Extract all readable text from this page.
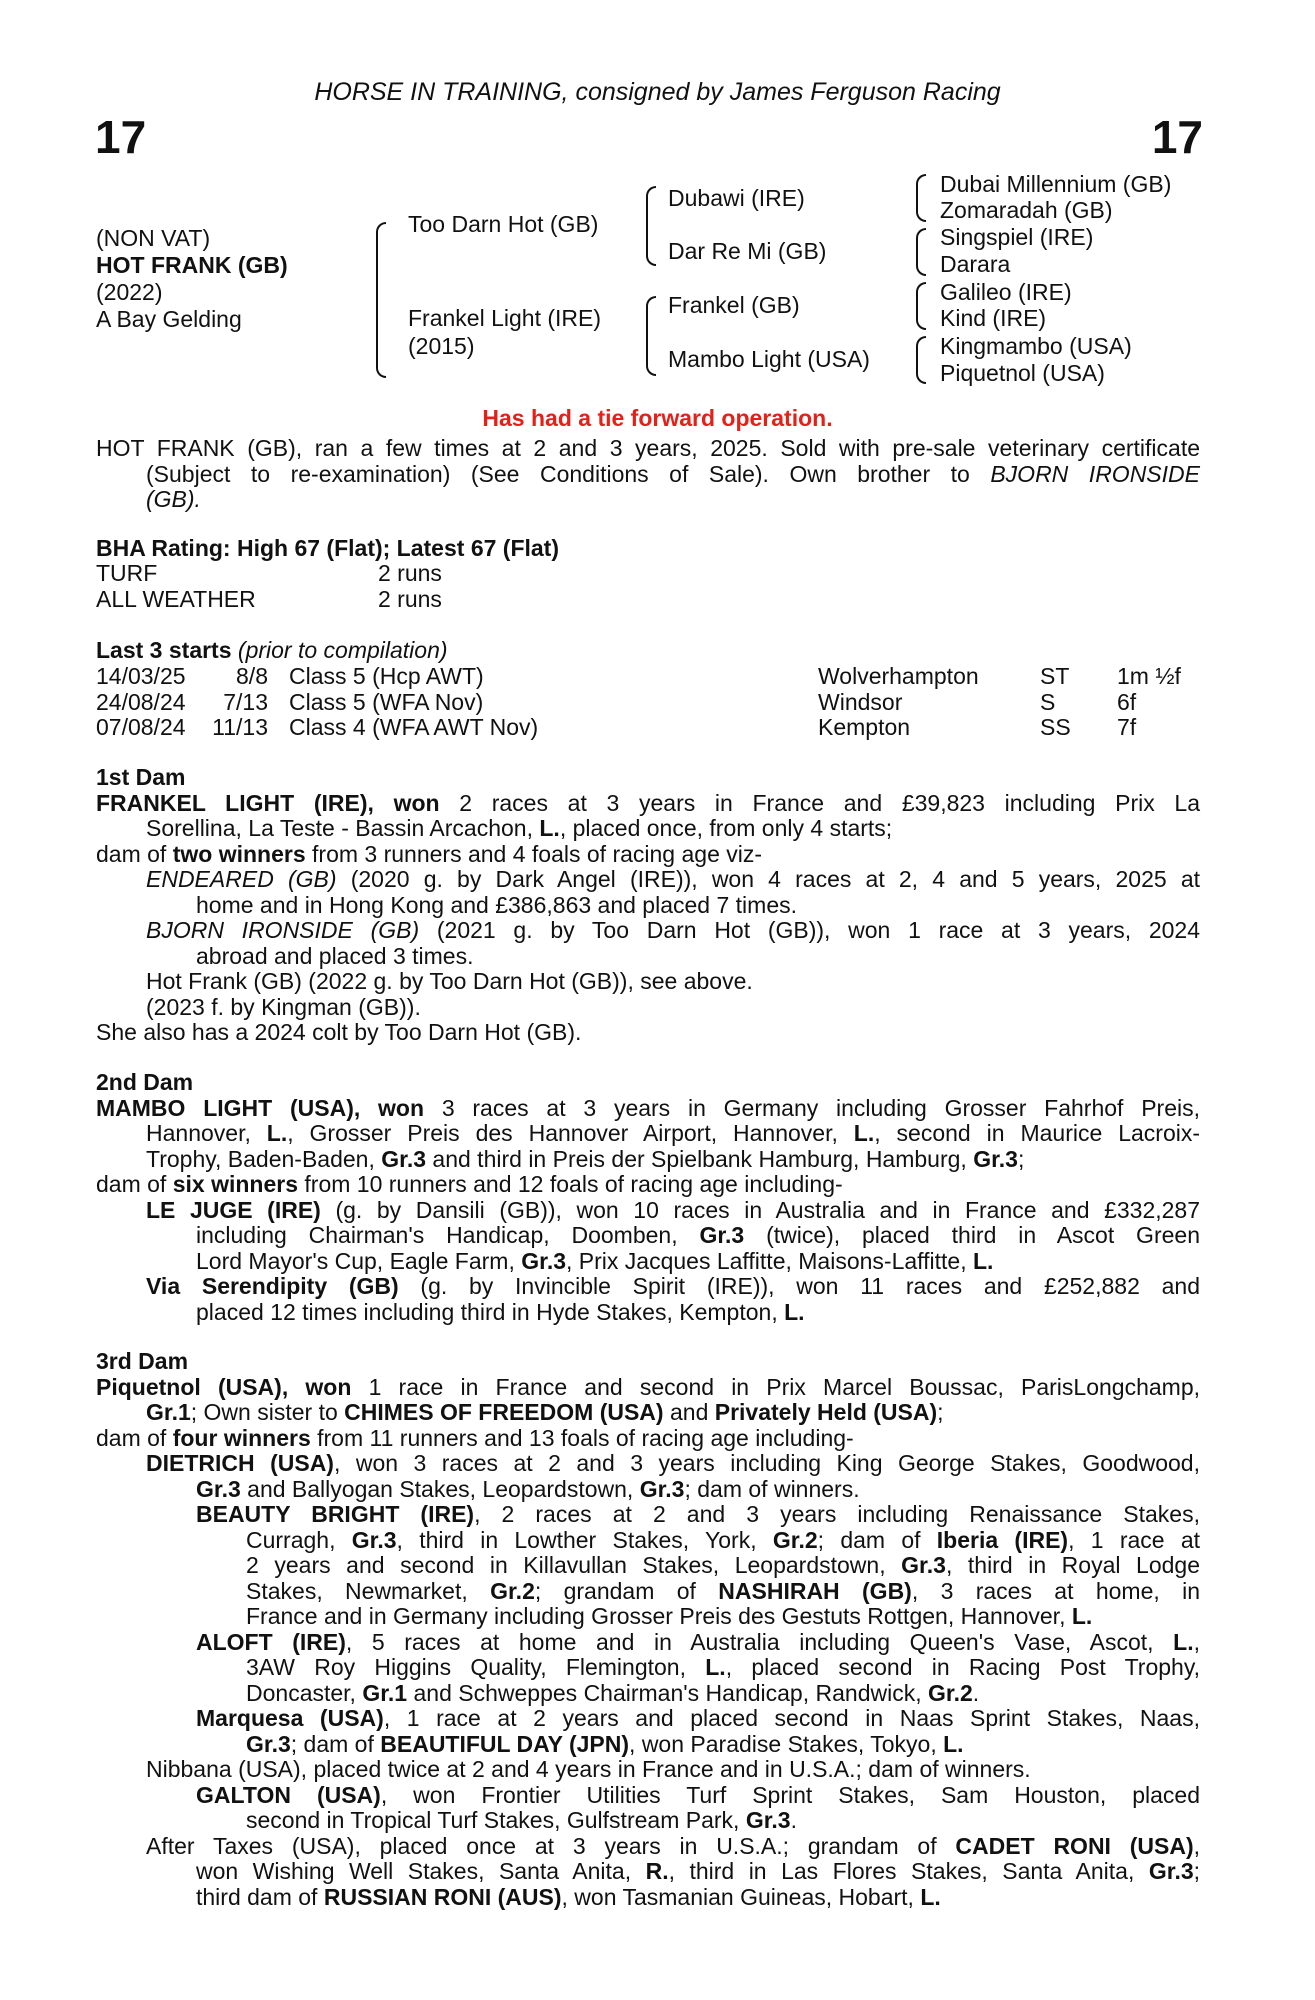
HORSE IN TRAINING, consigned by James Ferguson Racing
17	17
(NON VAT)
HOT FRANK (GB)
(2022)
A Bay Gelding
Too Darn Hot (GB)
Frankel Light (IRE)
(2015)
Dubawi (IRE)
Dar Re Mi (GB)
Frankel (GB)
Mambo Light (USA)
Dubai Millennium (GB)
Zomaradah (GB)
Singspiel (IRE)
Darara
Galileo (IRE)
Kind (IRE)
Kingmambo (USA)
Piquetnol (USA)
Has had a tie forward operation.
HOT FRANK (GB), ran a few times at 2 and 3 years, 2025. Sold with pre-sale veterinary certificate
(Subject to re-examination) (See Conditions of Sale). Own brother to BJORN IRONSIDE
(GB).
BHA Rating: High 67 (Flat); Latest 67 (Flat)
TURF	2 runs
ALL WEATHER	2 runs
Last 3 starts (prior to compilation)
14/03/25	8/8 Class 5 (Hcp AWT)	Wolverhampton	ST 1m ½f
24/08/24	7/13 Class 5 (WFA Nov)	Windsor	S	6f
07/08/24	11/13 Class 4 (WFA AWT Nov)	Kempton	SS 7f
1st Dam
FRANKEL LIGHT (IRE), won 2 races at 3 years in France and £39,823 including Prix La
Sorellina, La Teste - Bassin Arcachon, L., placed once, from only 4 starts;
dam of two winners from 3 runners and 4 foals of racing age viz-
ENDEARED (GB) (2020 g. by Dark Angel (IRE)), won 4 races at 2, 4 and 5 years, 2025 at
home and in Hong Kong and £386,863 and placed 7 times.
BJORN IRONSIDE (GB) (2021 g. by Too Darn Hot (GB)), won 1 race at 3 years, 2024
abroad and placed 3 times.
Hot Frank (GB) (2022 g. by Too Darn Hot (GB)), see above.
(2023 f. by Kingman (GB)).
She also has a 2024 colt by Too Darn Hot (GB).
2nd Dam
MAMBO LIGHT (USA), won 3 races at 3 years in Germany including Grosser Fahrhof Preis,
Hannover, L., Grosser Preis des Hannover Airport, Hannover, L., second in Maurice Lacroix-
Trophy, Baden-Baden, Gr.3 and third in Preis der Spielbank Hamburg, Hamburg, Gr.3;
dam of six winners from 10 runners and 12 foals of racing age including-
LE JUGE (IRE) (g. by Dansili (GB)), won 10 races in Australia and in France and £332,287
including Chairman's Handicap, Doomben, Gr.3 (twice), placed third in Ascot Green
Lord Mayor's Cup, Eagle Farm, Gr.3, Prix Jacques Laffitte, Maisons-Laffitte, L.
Via Serendipity (GB) (g. by Invincible Spirit (IRE)), won 11 races and £252,882 and
placed 12 times including third in Hyde Stakes, Kempton, L.
3rd Dam
Piquetnol (USA), won 1 race in France and second in Prix Marcel Boussac, ParisLongchamp,
Gr.1; Own sister to CHIMES OF FREEDOM (USA) and Privately Held (USA);
dam of four winners from 11 runners and 13 foals of racing age including-
DIETRICH (USA), won 3 races at 2 and 3 years including King George Stakes, Goodwood,
Gr.3 and Ballyogan Stakes, Leopardstown, Gr.3; dam of winners.
BEAUTY BRIGHT (IRE), 2 races at 2 and 3 years including Renaissance Stakes,
Curragh, Gr.3, third in Lowther Stakes, York, Gr.2; dam of Iberia (IRE), 1 race at
2 years and second in Killavullan Stakes, Leopardstown, Gr.3, third in Royal Lodge
Stakes, Newmarket, Gr.2; grandam of NASHIRAH (GB), 3 races at home, in
France and in Germany including Grosser Preis des Gestuts Rottgen, Hannover, L.
ALOFT (IRE), 5 races at home and in Australia including Queen's Vase, Ascot, L.,
3AW Roy Higgins Quality, Flemington, L., placed second in Racing Post Trophy,
Doncaster, Gr.1 and Schweppes Chairman's Handicap, Randwick, Gr.2.
Marquesa (USA), 1 race at 2 years and placed second in Naas Sprint Stakes, Naas,
Gr.3; dam of BEAUTIFUL DAY (JPN), won Paradise Stakes, Tokyo, L.
Nibbana (USA), placed twice at 2 and 4 years in France and in U.S.A.; dam of winners.
GALTON (USA), won Frontier Utilities Turf Sprint Stakes, Sam Houston, placed
second in Tropical Turf Stakes, Gulfstream Park, Gr.3.
After Taxes (USA), placed once at 3 years in U.S.A.; grandam of CADET RONI (USA),
won Wishing Well Stakes, Santa Anita, R., third in Las Flores Stakes, Santa Anita, Gr.3;
third dam of RUSSIAN RONI (AUS), won Tasmanian Guineas, Hobart, L.
